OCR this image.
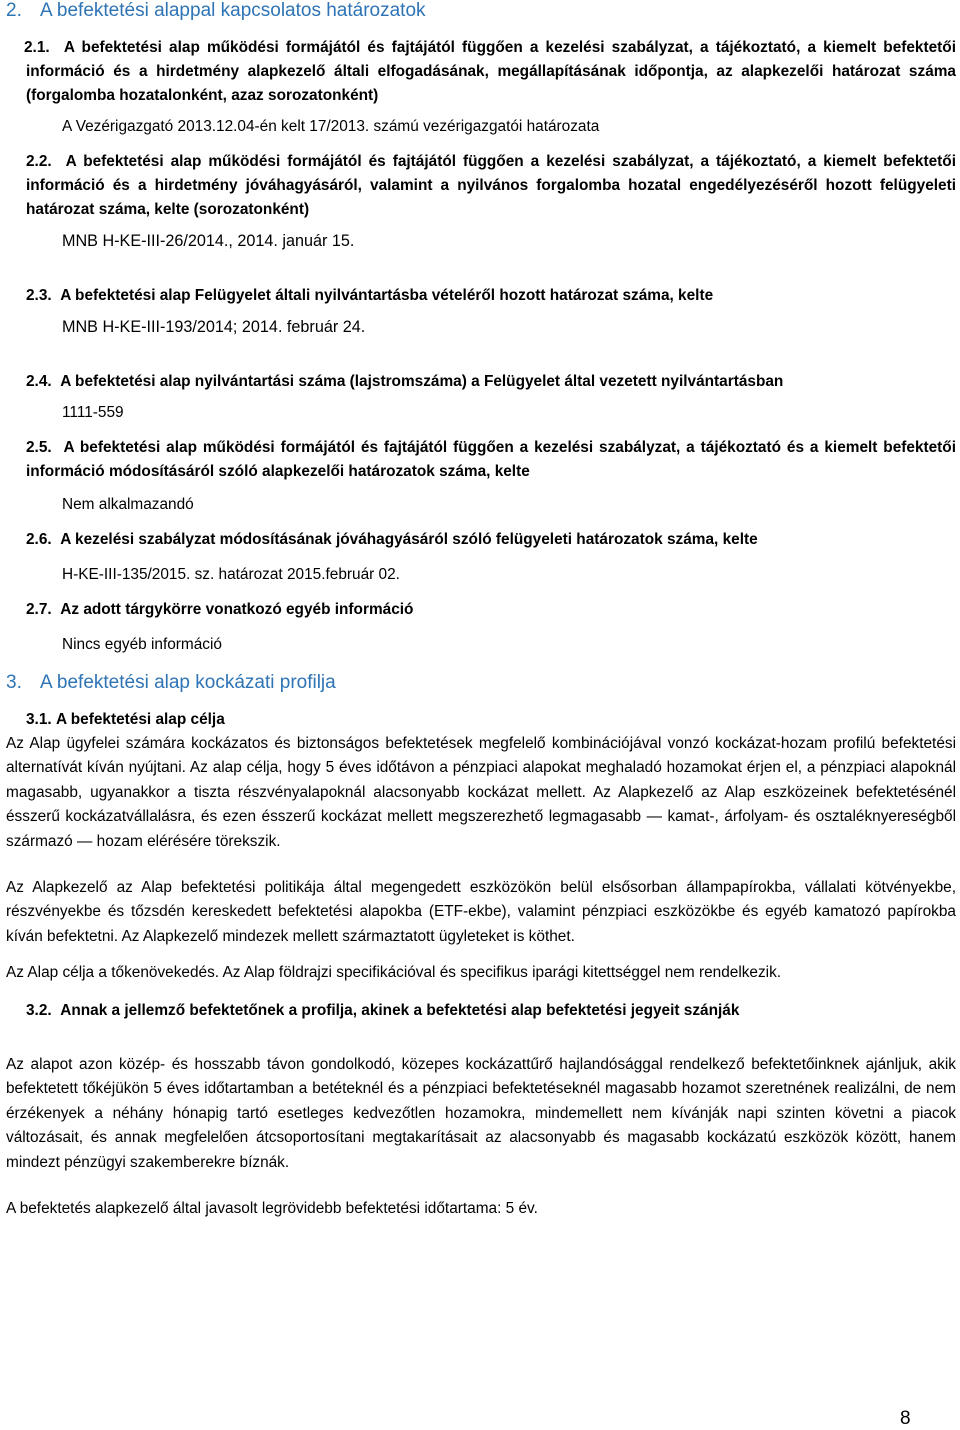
2. A befektetési alappal kapcsolatos határozatok
2.1. A befektetési alap működési formájától és fajtájától függően a kezelési szabályzat, a tájékoztató, a kiemelt befektetői információ és a hirdetmény alapkezelő általi elfogadásának, megállapításának időpontja, az alapkezelői határozat száma (forgalomba hozatalonként, azaz sorozatonként)
A Vezérigazgató 2013.12.04-én kelt 17/2013. számú vezérigazgatói határozata
2.2. A befektetési alap működési formájától és fajtájától függően a kezelési szabályzat, a tájékoztató, a kiemelt befektetői információ és a hirdetmény jóváhagyásáról, valamint a nyilvános forgalomba hozatal engedélyezéséről hozott felügyeleti határozat száma, kelte (sorozatonként)
MNB H-KE-III-26/2014., 2014. január 15.
2.3. A befektetési alap Felügyelet általi nyilvántartásba vételéről hozott határozat száma, kelte
MNB H-KE-III-193/2014; 2014. február 24.
2.4. A befektetési alap nyilvántartási száma (lajstromszáma) a Felügyelet által vezetett nyilvántartásban
1111-559
2.5. A befektetési alap működési formájától és fajtájától függően a kezelési szabályzat, a tájékoztató és a kiemelt befektetői információ módosításáról szóló alapkezelői határozatok száma, kelte
Nem alkalmazandó
2.6. A kezelési szabályzat módosításának jóváhagyásáról szóló felügyeleti határozatok száma, kelte
H-KE-III-135/2015. sz. határozat 2015.február 02.
2.7. Az adott tárgykörre vonatkozó egyéb információ
Nincs egyéb információ
3. A befektetési alap kockázati profilja
3.1. A befektetési alap célja

Az Alap ügyfelei számára kockázatos és biztonságos befektetések megfelelő kombinációjával vonzó kockázat-hozam profilú befektetési alternatívát kíván nyújtani. Az alap célja, hogy 5 éves időtávon a pénzpiaci alapokat meghaladó hozamokat érjen el, a pénzpiaci alapoknál magasabb, ugyanakkor a tiszta részvényalapoknál alacsonyabb kockázat mellett. Az Alapkezelő az Alap eszközeinek befektetésénél ésszerű kockázatvállalásra, és ezen ésszerű kockázat mellett megszerezhető legmagasabb — kamat-, árfolyam- és osztaléknyereségből származó — hozam elérésére törekszik.

Az Alapkezelő az Alap befektetési politikája által megengedett eszközökön belül elsősorban állampapírokba, vállalati kötvényekbe, részvényekbe és tőzsdén kereskedett befektetési alapokba (ETF-ekbe), valamint pénzpiaci eszközökbe és egyéb kamatozó papírokba kíván befektetni. Az Alapkezelő mindezek mellett származtatott ügyleteket is köthet.

Az Alap célja a tőkenövekedés. Az Alap földrajzi specifikációval és specifikus iparági kitettséggel nem rendelkezik.

3.2. Annak a jellemző befektetőnek a profilja, akinek a befektetési alap befektetési jegyeit szánják

Az alapot azon közép- és hosszabb távon gondolkodó, közepes kockázattűrő hajlandósággal rendelkező befektetőinknek ajánljuk, akik befektetett tőkéjükön 5 éves időtartamban a betéteknél és a pénzpiaci befektetéseknél magasabb hozamot szeretnének realizálni, de nem érzékenyek a néhány hónapig tartó esetleges kedvezőtlen hozamokra, mindemellett nem kívánják napi szinten követni a piacok változásait, és annak megfelelően átcsoportosítani megtakarításait az alacsonyabb és magasabb kockázatú eszközök között, hanem mindezt pénzügyi szakemberekre bíznák.

A befektetés alapkezelő által javasolt legrövidebb befektetési időtartama: 5 év.

8
